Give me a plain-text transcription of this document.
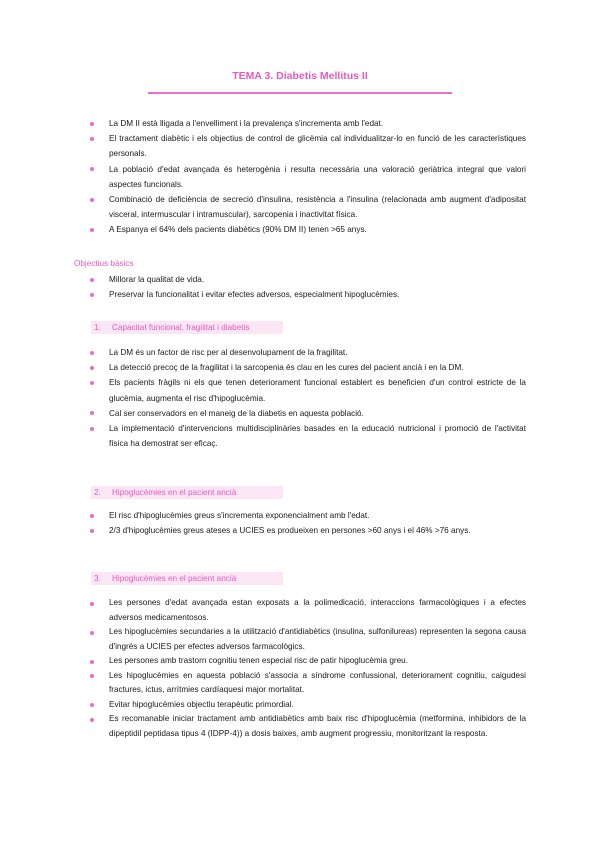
TEMA 3. Diabetis Mellitus II
La DM II està lligada a l'envelliment i la prevalença s'incrementa amb l'edat.
El tractament diabètic i els objectius de control de glicèmia cal individualitzar-lo en funció de les característiques personals.
La població d'edat avançada és heterogènia i resulta necessària una valoració geriàtrica integral que valori aspectes funcionals.
Combinació de deficiència de secreció d'insulina, resistència a l'insulina (relacionada amb augment d'adipositat visceral, intermuscular i intramuscular), sarcopenia i inactivitat física.
A Espanya el 64% dels pacients diabètics (90% DM II) tenen >65 anys.
Objectius bàsics
Millorar la qualitat de vida.
Preservar la funcionalitat i evitar efectes adversos, especialment hipoglucèmies.
1. Capacitat funcional, fragilitat i diabetis
La DM és un factor de risc per al desenvolupament de la fragilitat.
La detecció precoç de la fragilitat i la sarcopenia és clau en les cures del pacient ancià i en la DM.
Els pacients fràgils ni els que tenen deteriorament funcional establert es beneficien d'un control estricte de la glucèmia, augmenta el risc d'hipoglucèmia.
Cal ser conservadors en el maneig de la diabetis en aquesta població.
La implementació d'intervencions multidisciplinàries basades en la educació nutricional i promoció de l'activitat física ha demostrat ser eficaç.
2. Hipoglucèmies en el pacient ancià
El risc d'hipoglucèmies greus s'incrementa exponencialment amb l'edat.
2/3 d'hipoglucèmies greus ateses a UCIES es produeixen en persones >60 anys i el 46% >76 anys.
3. Hipoglucèmies en el pacient ancià
Les persones d'edat avançada estan exposats a la polimedicació, interaccions farmacològiques i a efectes adversos medicamentosos.
Les hipoglucèmies secundaries a la utilització d'antidiabètics (insulina, sulfonilureas) representen la segona causa d'ingrés a UCIES per efectes adversos farmacològics.
Les persones amb trastorn cognitiu tenen especial risc de patir hipoglucèmia greu.
Les hipoglucèmies en aquesta població s'associa a síndrome confussional, deteriorament cognitiu, caigudesi fractures, ictus, arrítmies cardíaquesi major mortalitat.
Evitar hipoglucèmies objectiu terapèutic primordial.
Es recomanable iniciar tractament amb antidiabètics amb baix risc d'hipoglucèmia (metformina, inhibidors de la dipeptidil peptidasa tipus 4 (IDPP-4)) a dosis baixes, amb augment progressiu, monitoritzant la resposta.
